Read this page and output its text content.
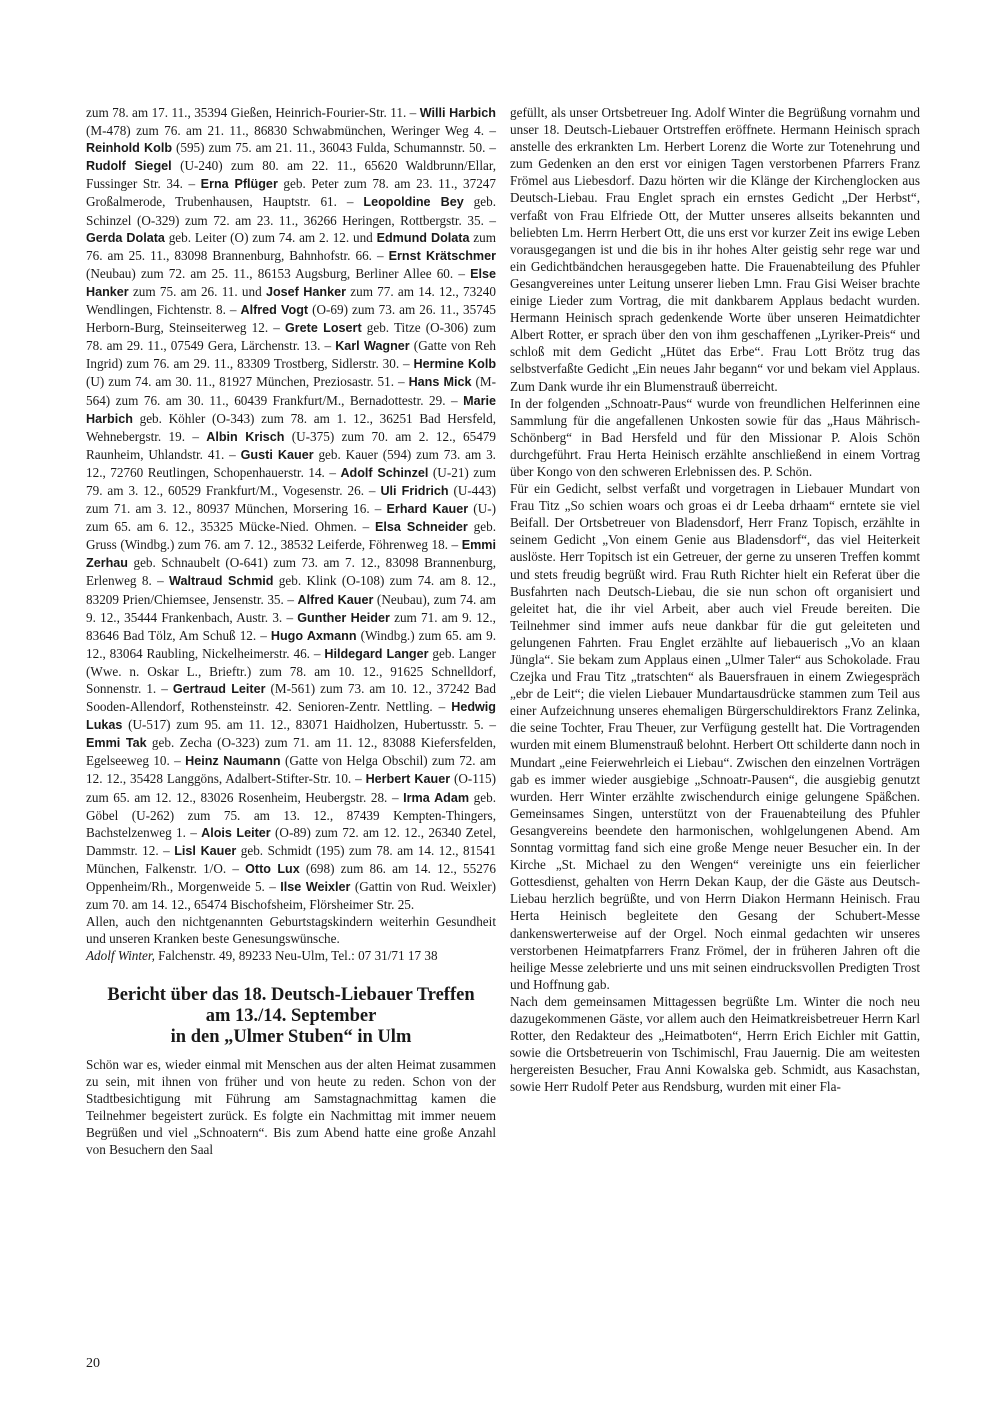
zum 78. am 17. 11., 35394 Gießen, Heinrich-Fourier-Str. 11. – Willi Harbich (M-478) zum 76. am 21. 11., 86830 Schwabmünchen, Weringer Weg 4. – Reinhold Kolb (595) zum 75. am 21. 11., 36043 Fulda, Schumannstr. 50. – Rudolf Siegel (U-240) zum 80. am 22. 11., 65620 Waldbrunn/Ellar, Fussinger Str. 34. – Erna Pflüger geb. Peter zum 78. am 23. 11., 37247 Großalmerode, Trubenhausen, Hauptstr. 61. – Leopoldine Bey geb. Schinzel (O-329) zum 72. am 23. 11., 36266 Heringen, Rottbergstr. 35. – Gerda Dolata geb. Leiter (O) zum 74. am 2. 12. und Edmund Dolata zum 76. am 25. 11., 83098 Brannenburg, Bahnhofstr. 66. – Ernst Krätschmer (Neubau) zum 72. am 25. 11., 86153 Augsburg, Berliner Allee 60. – Else Hanker zum 75. am 26. 11. und Josef Hanker zum 77. am 14. 12., 73240 Wendlingen, Fichtenstr. 8. – Alfred Vogt (O-69) zum 73. am 26. 11., 35745 Herborn-Burg, Steinseiterweg 12. – Grete Losert geb. Titze (O-306) zum 78. am 29. 11., 07549 Gera, Lärchenstr. 13. – Karl Wagner (Gatte von Reh Ingrid) zum 76. am 29. 11., 83309 Trostberg, Sidlerstr. 30. – Hermine Kolb (U) zum 74. am 30. 11., 81927 München, Preziosastr. 51. – Hans Mick (M-564) zum 76. am 30. 11., 60439 Frankfurt/M., Bernadottestr. 29. – Marie Harbich geb. Köhler (O-343) zum 78. am 1. 12., 36251 Bad Hersfeld, Wehnebergstr. 19. – Albin Krisch (U-375) zum 70. am 2. 12., 65479 Raunheim, Uhlandstr. 41. – Gusti Kauer geb. Kauer (594) zum 73. am 3. 12., 72760 Reutlingen, Schopenhauerstr. 14. – Adolf Schinzel (U-21) zum 79. am 3. 12., 60529 Frankfurt/M., Vogesenstr. 26. – Uli Fridrich (U-443) zum 71. am 3. 12., 80937 München, Morsering 16. – Erhard Kauer (U-) zum 65. am 6. 12., 35325 Mücke-Nied. Ohmen. – Elsa Schneider geb. Gruss (Windbg.) zum 76. am 7. 12., 38532 Leiferde, Föhrenweg 18. – Emmi Zerhau geb. Schnaubelt (O-641) zum 73. am 7. 12., 83098 Brannenburg, Erlenweg 8. – Waltraud Schmid geb. Klink (O-108) zum 74. am 8. 12., 83209 Prien/Chiemsee, Jensenstr. 35. – Alfred Kauer (Neubau), zum 74. am 9. 12., 35444 Frankenbach, Austr. 3. – Gunther Heider zum 71. am 9. 12., 83646 Bad Tölz, Am Schuß 12. – Hugo Axmann (Windbg.) zum 65. am 9. 12., 83064 Raubling, Nickelheimerstr. 46. – Hildegard Langer geb. Langer (Wwe. n. Oskar L., Brieftr.) zum 78. am 10. 12., 91625 Schnelldorf, Sonnenstr. 1. – Gertraud Leiter (M-561) zum 73. am 10. 12., 37242 Bad Sooden-Allendorf, Rothensteinstr. 42. Senioren-Zentr. Nettling. – Hedwig Lukas (U-517) zum 95. am 11. 12., 83071 Haidholzen, Hubertusstr. 5. – Emmi Tak geb. Zecha (O-323) zum 71. am 11. 12., 83088 Kiefersfelden, Egelseeweg 10. – Heinz Naumann (Gatte von Helga Obschil) zum 72. am 12. 12., 35428 Langgöns, Adalbert-Stifter-Str. 10. – Herbert Kauer (O-115) zum 65. am 12. 12., 83026 Rosenheim, Heubergstr. 28. – Irma Adam geb. Göbel (U-262) zum 75. am 13. 12., 87439 Kempten-Thingers, Bachstelzenweg 1. – Alois Leiter (O-89) zum 72. am 12. 12., 26340 Zetel, Dammstr. 12. – Lisl Kauer geb. Schmidt (195) zum 78. am 14. 12., 81541 München, Falkenstr. 1/O. – Otto Lux (698) zum 86. am 14. 12., 55276 Oppenheim/Rh., Morgenweide 5. – Ilse Weixler (Gattin von Rud. Weixler) zum 70. am 14. 12., 65474 Bischofsheim, Flörsheimer Str. 25.

Allen, auch den nichtgenannten Geburtstagskindern weiterhin Gesundheit und unseren Kranken beste Genesungswünsche.

Adolf Winter, Falchenstr. 49, 89233 Neu-Ulm, Tel.: 07 31/71 17 38

Bericht über das 18. Deutsch-Liebauer Treffen
am 13./14. September
in den „Ulmer Stuben“ in Ulm

Schön war es, wieder einmal mit Menschen aus der alten Heimat zusammen zu sein, mit ihnen von früher und von heute zu reden. Schon von der Stadtbesichtigung mit Führung am Samstagnachmittag kamen die Teilnehmer begeistert zurück. Es folgte ein Nachmittag mit immer neuem Begrüßen und viel „Schnoatern“. Bis zum Abend hatte eine große Anzahl von Besuchern den Saal

gefüllt, als unser Ortsbetreuer Ing. Adolf Winter die Begrüßung vornahm und unser 18. Deutsch-Liebauer Ortstreffen eröffnete. Hermann Heinisch sprach anstelle des erkrankten Lm. Herbert Lorenz die Worte zur Totenehrung und zum Gedenken an den erst vor einigen Tagen verstorbenen Pfarrers Franz Frömel aus Liebesdorf. Dazu hörten wir die Klänge der Kirchenglocken aus Deutsch-Liebau. Frau Englet sprach ein ernstes Gedicht „Der Herbst“, verfaßt von Frau Elfriede Ott, der Mutter unseres allseits bekannten und beliebten Lm. Herrn Herbert Ott, die uns erst vor kurzer Zeit ins ewige Leben vorausgegangen ist und die bis in ihr hohes Alter geistig sehr rege war und ein Gedichtbändchen herausgegeben hatte. Die Frauenabteilung des Pfuhler Gesangvereines unter Leitung unserer lieben Lmn. Frau Gisi Weiser brachte einige Lieder zum Vortrag, die mit dankbarem Applaus bedacht wurden. Hermann Heinisch sprach gedenkende Worte über unseren Heimatdichter Albert Rotter, er sprach über den von ihm geschaffenen „Lyriker-Preis“ und schloß mit dem Gedicht „Hütet das Erbe“. Frau Lott Brötz trug das selbstverfaßte Gedicht „Ein neues Jahr begann“ vor und bekam viel Applaus. Zum Dank wurde ihr ein Blumenstrauß überreicht.

In der folgenden „Schnoatr-Paus“ wurde von freundlichen Helferinnen eine Sammlung für die angefallenen Unkosten sowie für das „Haus Mährisch-Schönberg“ in Bad Hersfeld und für den Missionar P. Alois Schön durchgeführt. Frau Herta Heinisch erzählte anschließend in einem Vortrag über Kongo von den schweren Erlebnissen des. P. Schön.

Für ein Gedicht, selbst verfaßt und vorgetragen in Liebauer Mundart von Frau Titz „So schien woars och groas ei dr Leeba drhaam“ erntete sie viel Beifall. Der Ortsbetreuer von Bladensdorf, Herr Franz Topisch, erzählte in seinem Gedicht „Von einem Genie aus Bladensdorf“, das viel Heiterkeit auslöste. Herr Topitsch ist ein Getreuer, der gerne zu unseren Treffen kommt und stets freudig begrüßt wird. Frau Ruth Richter hielt ein Referat über die Busfahrten nach Deutsch-Liebau, die sie nun schon oft organisiert und geleitet hat, die ihr viel Arbeit, aber auch viel Freude bereiten. Die Teilnehmer sind immer aufs neue dankbar für die gut geleiteten und gelungenen Fahrten. Frau Englet erzählte auf liebauerisch „Vo an klaan Jüngla“. Sie bekam zum Applaus einen „Ulmer Taler“ aus Schokolade. Frau Czejka und Frau Titz „tratschten“ als Bauersfrauen in einem Zwiegespräch „ebr de Leit“; die vielen Liebauer Mundartausdrücke stammen zum Teil aus einer Aufzeichnung unseres ehemaligen Bürgerschuldirektors Franz Zelinka, die seine Tochter, Frau Theuer, zur Verfügung gestellt hat. Die Vortragenden wurden mit einem Blumenstrauß belohnt. Herbert Ott schilderte dann noch in Mundart „eine Feierwehrleich ei Liebau“. Zwischen den einzelnen Vorträgen gab es immer wieder ausgiebige „Schnoatr-Pausen“, die ausgiebig genutzt wurden. Herr Winter erzählte zwischendurch einige gelungene Späßchen. Gemeinsames Singen, unterstützt von der Frauenabteilung des Pfuhler Gesangvereins beendete den harmonischen, wohlgelungenen Abend. Am Sonntag vormittag fand sich eine große Menge neuer Besucher ein. In der Kirche „St. Michael zu den Wengen“ vereinigte uns ein feierlicher Gottesdienst, gehalten von Herrn Dekan Kaup, der die Gäste aus Deutsch-Liebau herzlich begrüßte, und von Herrn Diakon Hermann Heinisch. Frau Herta Heinisch begleitete den Gesang der Schubert-Messe dankenswerterweise auf der Orgel. Noch einmal gedachten wir unseres verstorbenen Heimatpfarrers Franz Frömel, der in früheren Jahren oft die heilige Messe zelebrierte und uns mit seinen eindrucksvollen Predigten Trost und Hoffnung gab.

Nach dem gemeinsamen Mittagessen begrüßte Lm. Winter die noch neu dazugekommenen Gäste, vor allem auch den Heimatkreisbetreuer Herrn Karl Rotter, den Redakteur des „Heimatboten“, Herrn Erich Eichler mit Gattin, sowie die Ortsbetreuerin von Tschimischl, Frau Jauernig. Die am weitesten hergereisten Besucher, Frau Anni Kowalska geb. Schmidt, aus Kasachstan, sowie Herr Rudolf Peter aus Rendsburg, wurden mit einer Fla-

20
